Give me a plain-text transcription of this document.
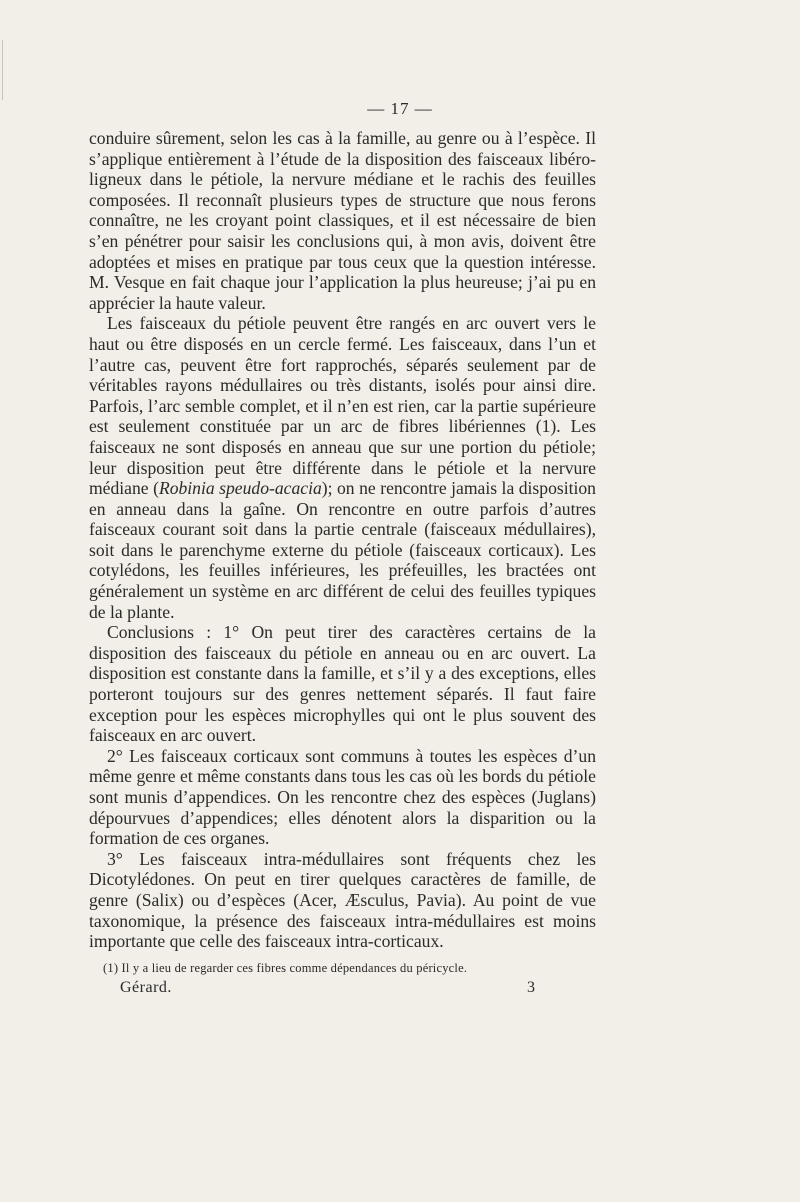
— 17 —

conduire sûrement, selon les cas à la famille, au genre ou à l’espèce. Il s’applique entièrement à l’étude de la disposition des faisceaux libéro-ligneux dans le pétiole, la nervure médiane et le rachis des feuilles composées. Il reconnaît plusieurs types de structure que nous ferons connaître, ne les croyant point classiques, et il est nécessaire de bien s’en pénétrer pour saisir les conclusions qui, à mon avis, doivent être adoptées et mises en pratique par tous ceux que la question intéresse. M. Vesque en fait chaque jour l’application la plus heureuse; j’ai pu en apprécier la haute valeur.

Les faisceaux du pétiole peuvent être rangés en arc ouvert vers le haut ou être disposés en un cercle fermé. Les faisceaux, dans l’un et l’autre cas, peuvent être fort rapprochés, séparés seulement par de véritables rayons médullaires ou très distants, isolés pour ainsi dire. Parfois, l’arc semble complet, et il n’en est rien, car la partie supérieure est seulement constituée par un arc de fibres libériennes (1). Les faisceaux ne sont disposés en anneau que sur une portion du pétiole; leur disposition peut être différente dans le pétiole et la nervure médiane (Robinia speudo-acacia); on ne rencontre jamais la disposition en anneau dans la gaîne. On rencontre en outre parfois d’autres faisceaux courant soit dans la partie centrale (faisceaux médullaires), soit dans le parenchyme externe du pétiole (faisceaux corticaux). Les cotylédons, les feuilles inférieures, les préfeuilles, les bractées ont généralement un système en arc différent de celui des feuilles typiques de la plante.

Conclusions : 1° On peut tirer des caractères certains de la disposition des faisceaux du pétiole en anneau ou en arc ouvert. La disposition est constante dans la famille, et s’il y a des exceptions, elles porteront toujours sur des genres nettement séparés. Il faut faire exception pour les espèces microphylles qui ont le plus souvent des faisceaux en arc ouvert.

2° Les faisceaux corticaux sont communs à toutes les espèces d’un même genre et même constants dans tous les cas où les bords du pétiole sont munis d’appendices. On les rencontre chez des espèces (Juglans) dépourvues d’appendices; elles dénotent alors la disparition ou la formation de ces organes.

3° Les faisceaux intra-médullaires sont fréquents chez les Dicotylédones. On peut en tirer quelques caractères de famille, de genre (Salix) ou d’espèces (Acer, Æsculus, Pavia). Au point de vue taxonomique, la présence des faisceaux intra-médullaires est moins importante que celle des faisceaux intra-corticaux.

(1) Il y a lieu de regarder ces fibres comme dépendances du péricycle.
Gérard.	3
